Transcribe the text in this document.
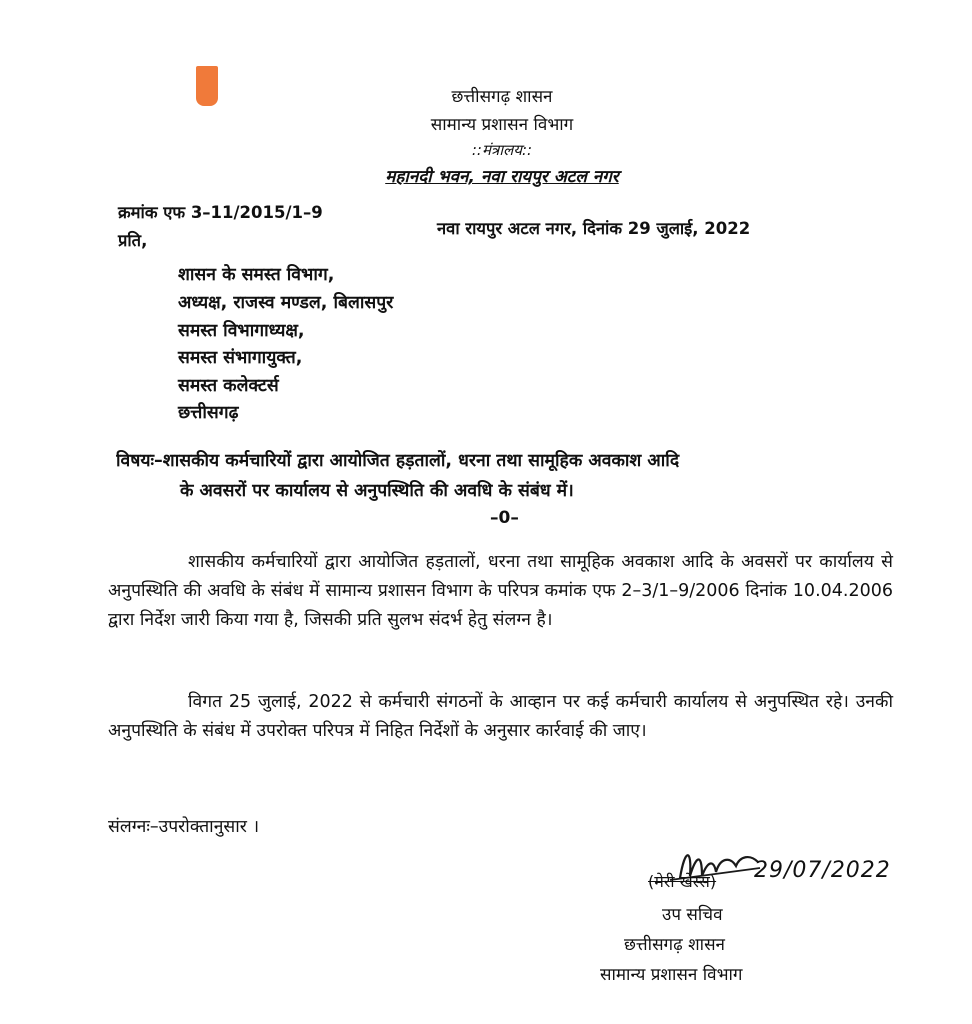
छत्तीसगढ़ शासन
सामान्य प्रशासन विभाग
::मंत्रालय::
महानदी भवन, नवा रायपुर अटल नगर
क्रमांक एफ 3–11/2015/1–9
नवा रायपुर अटल नगर, दिनांक 29 जुलाई, 2022
प्रति,
शासन के समस्त विभाग,
अध्यक्ष, राजस्व मण्डल, बिलासपुर
समस्त विभागाध्यक्ष,
समस्त संभागायुक्त,
समस्त कलेक्टर्स
छत्तीसगढ़
विषयः–शासकीय कर्मचारियों द्वारा आयोजित हड़तालों, धरना तथा सामूहिक अवकाश आदि
के अवसरों पर कार्यालय से अनुपस्थिति की अवधि के संबंध में।
–0–
शासकीय कर्मचारियों द्वारा आयोजित हड़तालों, धरना तथा सामूहिक अवकाश आदि के अवसरों पर कार्यालय से अनुपस्थिति की अवधि के संबंध में सामान्य प्रशासन विभाग के परिपत्र कमांक एफ 2–3/1–9/2006 दिनांक 10.04.2006 द्वारा निर्देश जारी किया गया है, जिसकी प्रति सुलभ संदर्भ हेतु संलग्न है।
विगत 25 जुलाई, 2022 से कर्मचारी संगठनों के आव्हान पर कई कर्मचारी कार्यालय से अनुपस्थित रहे। उनकी अनुपस्थिति के संबंध में उपरोक्त परिपत्र में निहित निर्देशों के अनुसार कार्रवाई की जाए।
संलग्नः–उपरोक्तानुसार ।
(मेरी खेस्स) 29/07/2022
उप सचिव
छत्तीसगढ़ शासन
सामान्य प्रशासन विभाग
